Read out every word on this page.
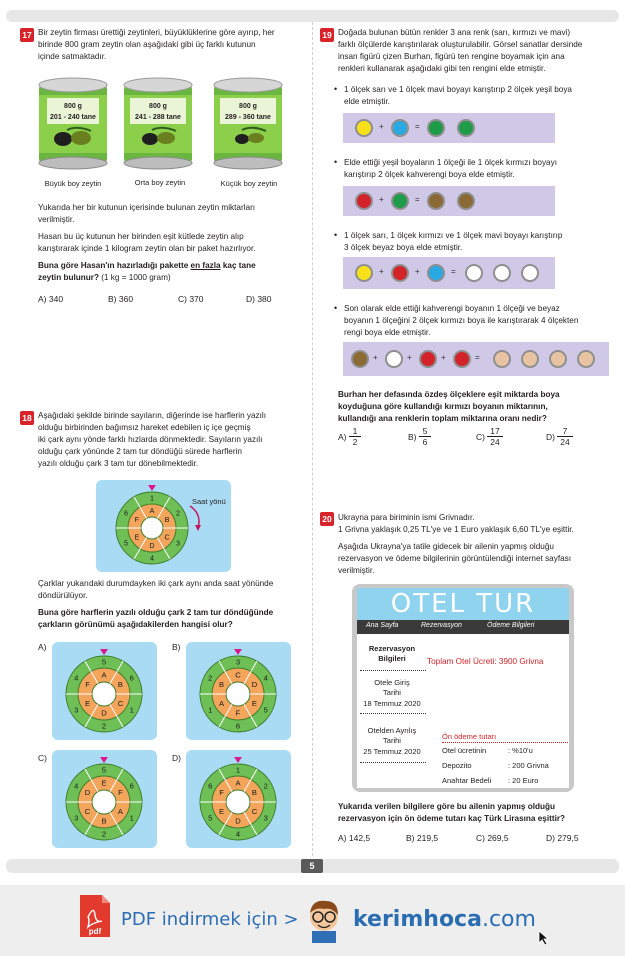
17 Bir zeytin firması ürettiği zeytinleri, büyüklüklerine göre ayırıp, her
birinde 800 gram zeytin olan aşağıdaki gibi üç farklı kutunun
içinde satmaktadır.
800 g
201 - 240 tane
800 g
241 - 288 tane
800 g
289 - 360 tane
Büyük boy zeytin	Orta boy zeytin	Küçük boy zeytin
Yukarıda her bir kutunun içerisinde bulunan zeytin miktarları
verilmiştir.
Hasan bu üç kutunun her birinden eşit kütlede zeytin alıp
karıştırarak içinde 1 kilogram zeytin olan bir paket hazırlıyor.
Buna göre Hasan'ın hazırladığı pakette en fazla kaç tane
zeytin bulunur? (1 kg = 1000 gram)
A) 340	B) 360	C) 370	D) 380
18 Aşağıdaki şekilde birinde sayıların, diğerinde ise harflerin yazılı
olduğu birbirinden bağımsız hareket edebilen iç içe geçmiş
iki çark aynı yönde farklı hızlarda dönmektedir. Sayıların yazılı
olduğu çark yönünde 2 tam tur döndüğü sürede harflerin
yazılı olduğu çark 3 tam tur dönebilmektedir.
1
2
3
4
5
6	A
B
C
D
E
F
Saat yönü
Çarklar yukarıdaki durumdayken iki çark aynı anda saat yönünde
döndürülüyor.
Buna göre harflerin yazılı olduğu çark 2 tam tur döndüğünde
çarkların görünümü aşağıdakilerden hangisi olur?
A)	B)
C)	D)
5
6
1
2
3
4	A
B
C
D
E
F
3
4
5
6
1
2	C
D
E
F
A
B
5
6
1
2
3
4	E
F
A
B
C
D
1
2
3
4
5
6	A
B
C
D
E
F
19 Doğada bulunan bütün renkler 3 ana renk (sarı, kırmızı ve mavi)
farklı ölçülerde karıştırılarak oluşturulabilir. Görsel sanatlar dersinde
insan figürü çizen Burhan, figürü ten rengine boyamak için ana
renkleri kullanarak aşağıdaki gibi ten rengini elde etmiştir.
• 1 ölçek sarı ve 1 ölçek mavi boyayı karıştırıp 2 ölçek yeşil boya
elde etmiştir.
+	=
• Elde ettiği yeşil boyaların 1 ölçeği ile 1 ölçek kırmızı boyayı
karıştırıp 2 ölçek kahverengi boya elde etmiştir.
+	=
• 1 ölçek sarı, 1 ölçek kırmızı ve 1 ölçek mavi boyayı karıştırıp
3 ölçek beyaz boya elde etmiştir.
+	+	=
• Son olarak elde ettiği kahverengi boyanın 1 ölçeği ve beyaz
boyanın 1 ölçeğini 2 ölçek kırmızı boya ile karıştırarak 4 ölçekten
rengi boya elde etmiştir.
+	+	+	=
Burhan her defasında özdeş ölçeklere eşit miktarda boya
koyduğuna göre kullandığı kırmızı boyanın miktarının,
kullandığı ana renklerin toplam miktarına oranı nedir?
$A) \frac{1}{2}$	$B) \frac{5}{6}$	$C) \frac{17}{24}$	$D) \frac{7}{24}$
20 Ukrayna para biriminin ismi Grivnadır.
1 Grivna yaklaşık 0,25 TL'ye ve 1 Euro yaklaşık 6,60 TL'ye eşittir.
Aşağıda Ukrayna'ya tatile gidecek bir ailenin yapmış olduğu
rezervasyon ve ödeme bilgilerinin görüntülendiği internet sayfası
verilmiştir.
OTEL TUR
Ana Sayfa	Rezervasyon	Ödeme Bilgileri
Rezervasyon
Bilgileri	Toplam Otel Ücreti: 3900 Grivna
Otele Giriş
Tarihi
18 Temmuz 2020
Otelden Ayrılış
Tarihi
25 Temmuz 2020
Ön ödeme tutarı
Otel ücretinin	: %10'u
Depozito	: 200 Grivna
Anahtar Bedeli : 20 Euro
Yukarıda verilen bilgilere göre bu ailenin yapmış olduğu
rezervasyon için ön ödeme tutarı kaç Türk Lirasına eşittir?
A) 142,5	B) 219,5	C) 269,5	D) 279,5
5
pdf
PDF indirmek için > kerimhoca.com
